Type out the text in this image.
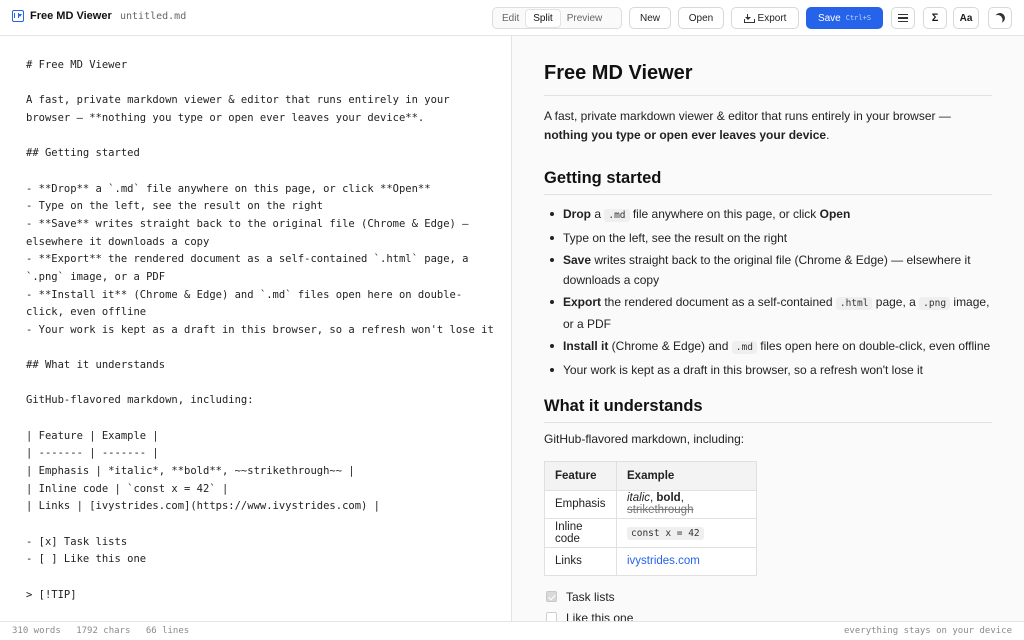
Free MD Viewer untitled.md	Edit	Split	Preview	New	Open	Export	Save Ctrl+S	Σ Aa
# Free MD Viewer

A fast, private markdown viewer & editor that runs entirely in your browser — **nothing you type or open ever leaves your device**.

## Getting started

- **Drop** a `.md` file anywhere on this page, or click **Open**
- Type on the left, see the result on the right
- **Save** writes straight back to the original file (Chrome & Edge) — elsewhere it downloads a copy
- **Export** the rendered document as a self-contained `.html` page, a `.png` image, or a PDF
- **Install it** (Chrome & Edge) and `.md` files open here on double-click, even offline
- Your work is kept as a draft in this browser, so a refresh won't lose it

## What it understands

GitHub-flavored markdown, including:

| Feature | Example |
| ------- | ------- |
| Emphasis | *italic*, **bold**, ~~strikethrough~~ |
| Inline code | `const x = 42` |
| Links | [ivystrides.com](https://www.ivystrides.com) |

- [x] Task lists
- [ ] Like this one

> [!TIP]
Free MD Viewer

A fast, private markdown viewer & editor that runs entirely in your browser — nothing you type or open ever leaves your device.

Getting started
Drop a .md file anywhere on this page, or click Open
Type on the left, see the result on the right
Save writes straight back to the original file (Chrome & Edge) — elsewhere it downloads a copy
Export the rendered document as a self-contained .html page, a .png image, or a PDF
Install it (Chrome & Edge) and .md files open here on double-click, even offline
Your work is kept as a draft in this browser, so a refresh won't lose it
What it understands

GitHub-flavored markdown, including:

Feature	Example
Emphasis	italic, bold, strikethrough
Inline code	const x = 42
Links	ivystrides.com
Task lists
Like this one
310 words 1792 chars 66 lines	everything stays on your device
